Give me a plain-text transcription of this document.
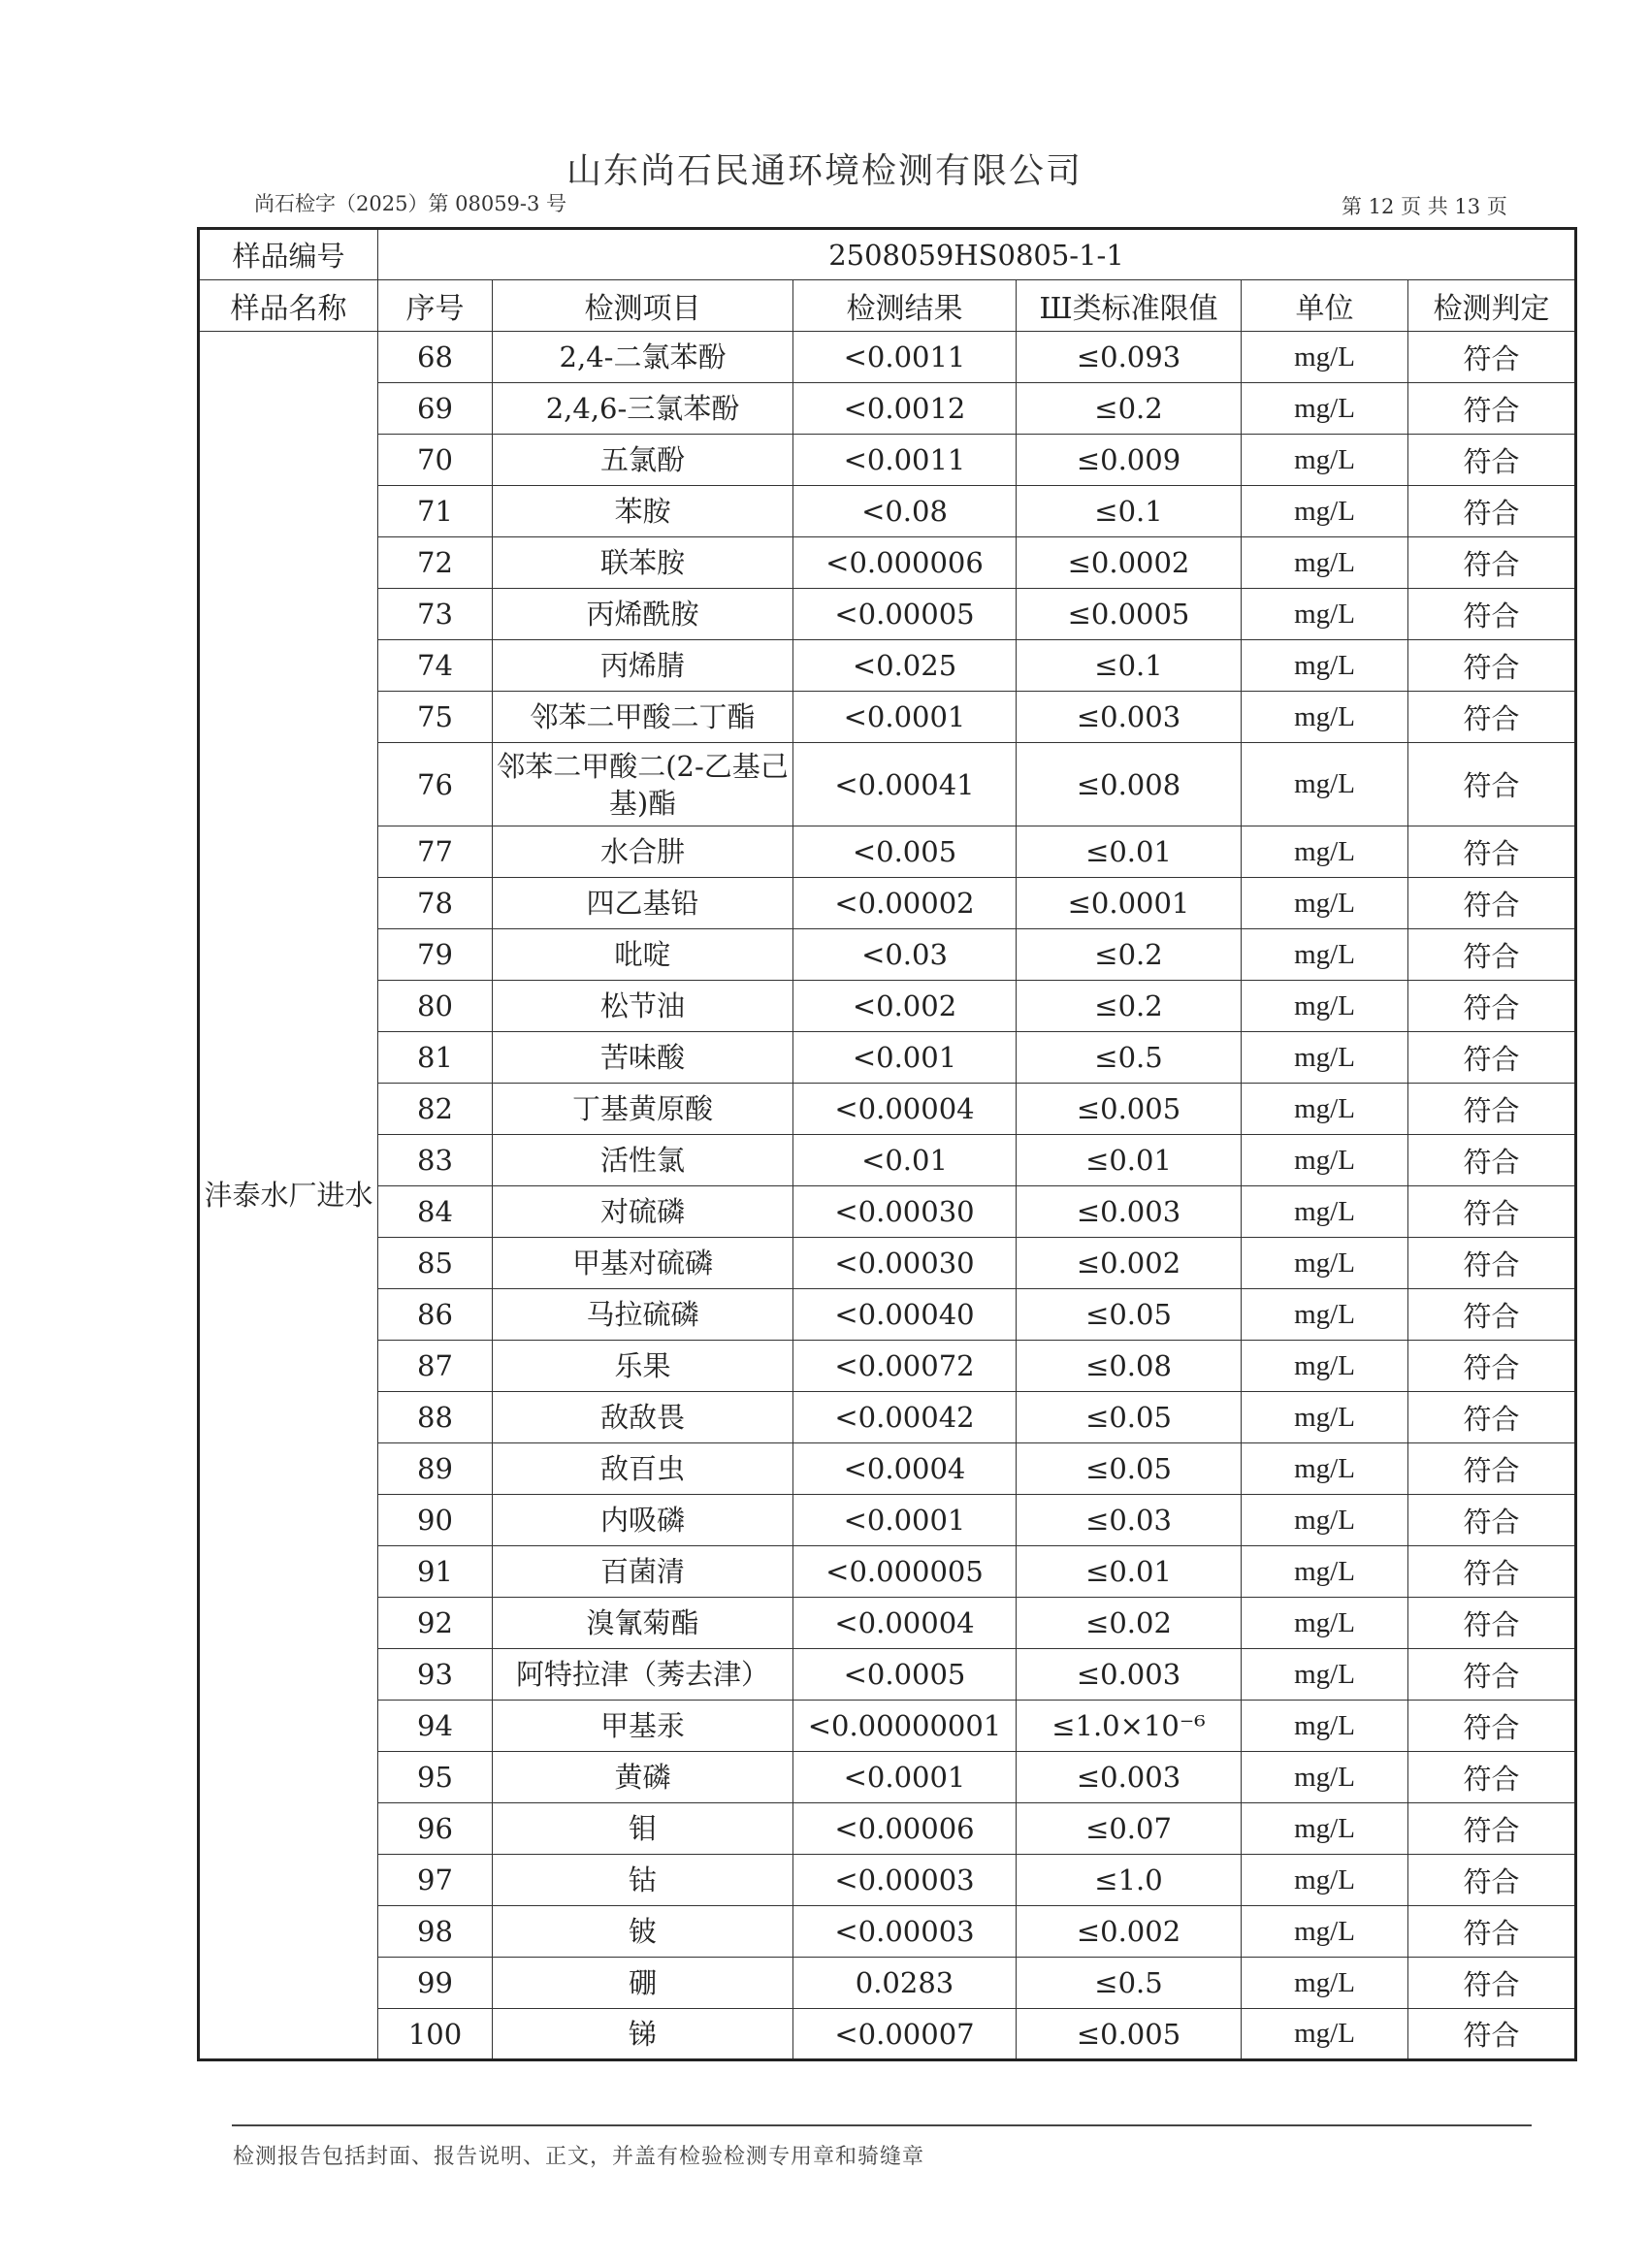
山东尚石民通环境检测有限公司
尚石检字（2025）第 08059-3 号	第 12 页 共 13 页
样品编号	2508059HS0805-1-1					
样品名称	序号	检测项目	检测结果	Ш类标准限值	单位	检测判定
沣泰水厂进水	68	2,4-二氯苯酚	<0.0011	≤0.093	mg/L	符合
	69	2,4,6-三氯苯酚	<0.0012	≤0.2	mg/L	符合
	70	五氯酚	<0.0011	≤0.009	mg/L	符合
	71	苯胺	<0.08	≤0.1	mg/L	符合
	72	联苯胺	<0.000006	≤0.0002	mg/L	符合
	73	丙烯酰胺	<0.00005	≤0.0005	mg/L	符合
	74	丙烯腈	<0.025	≤0.1	mg/L	符合
	75	邻苯二甲酸二丁酯	<0.0001	≤0.003	mg/L	符合
	76	邻苯二甲酸二(2-乙基己基)酯	<0.00041	≤0.008	mg/L	符合
	77	水合肼	<0.005	≤0.01	mg/L	符合
	78	四乙基铅	<0.00002	≤0.0001	mg/L	符合
	79	吡啶	<0.03	≤0.2	mg/L	符合
	80	松节油	<0.002	≤0.2	mg/L	符合
	81	苦味酸	<0.001	≤0.5	mg/L	符合
	82	丁基黄原酸	<0.00004	≤0.005	mg/L	符合
	83	活性氯	<0.01	≤0.01	mg/L	符合
	84	对硫磷	<0.00030	≤0.003	mg/L	符合
	85	甲基对硫磷	<0.00030	≤0.002	mg/L	符合
	86	马拉硫磷	<0.00040	≤0.05	mg/L	符合
	87	乐果	<0.00072	≤0.08	mg/L	符合
	88	敌敌畏	<0.00042	≤0.05	mg/L	符合
	89	敌百虫	<0.0004	≤0.05	mg/L	符合
	90	内吸磷	<0.0001	≤0.03	mg/L	符合
	91	百菌清	<0.000005	≤0.01	mg/L	符合
	92	溴氰菊酯	<0.00004	≤0.02	mg/L	符合
	93	阿特拉津（莠去津）	<0.0005	≤0.003	mg/L	符合
	94	甲基汞	<0.00000001	≤1.0×10⁻⁶	mg/L	符合
	95	黄磷	<0.0001	≤0.003	mg/L	符合
	96	钼	<0.00006	≤0.07	mg/L	符合
	97	钴	<0.00003	≤1.0	mg/L	符合
	98	铍	<0.00003	≤0.002	mg/L	符合
	99	硼	0.0283	≤0.5	mg/L	符合
	100	锑	<0.00007	≤0.005	mg/L	符合
检测报告包括封面、报告说明、正文，并盖有检验检测专用章和骑缝章
